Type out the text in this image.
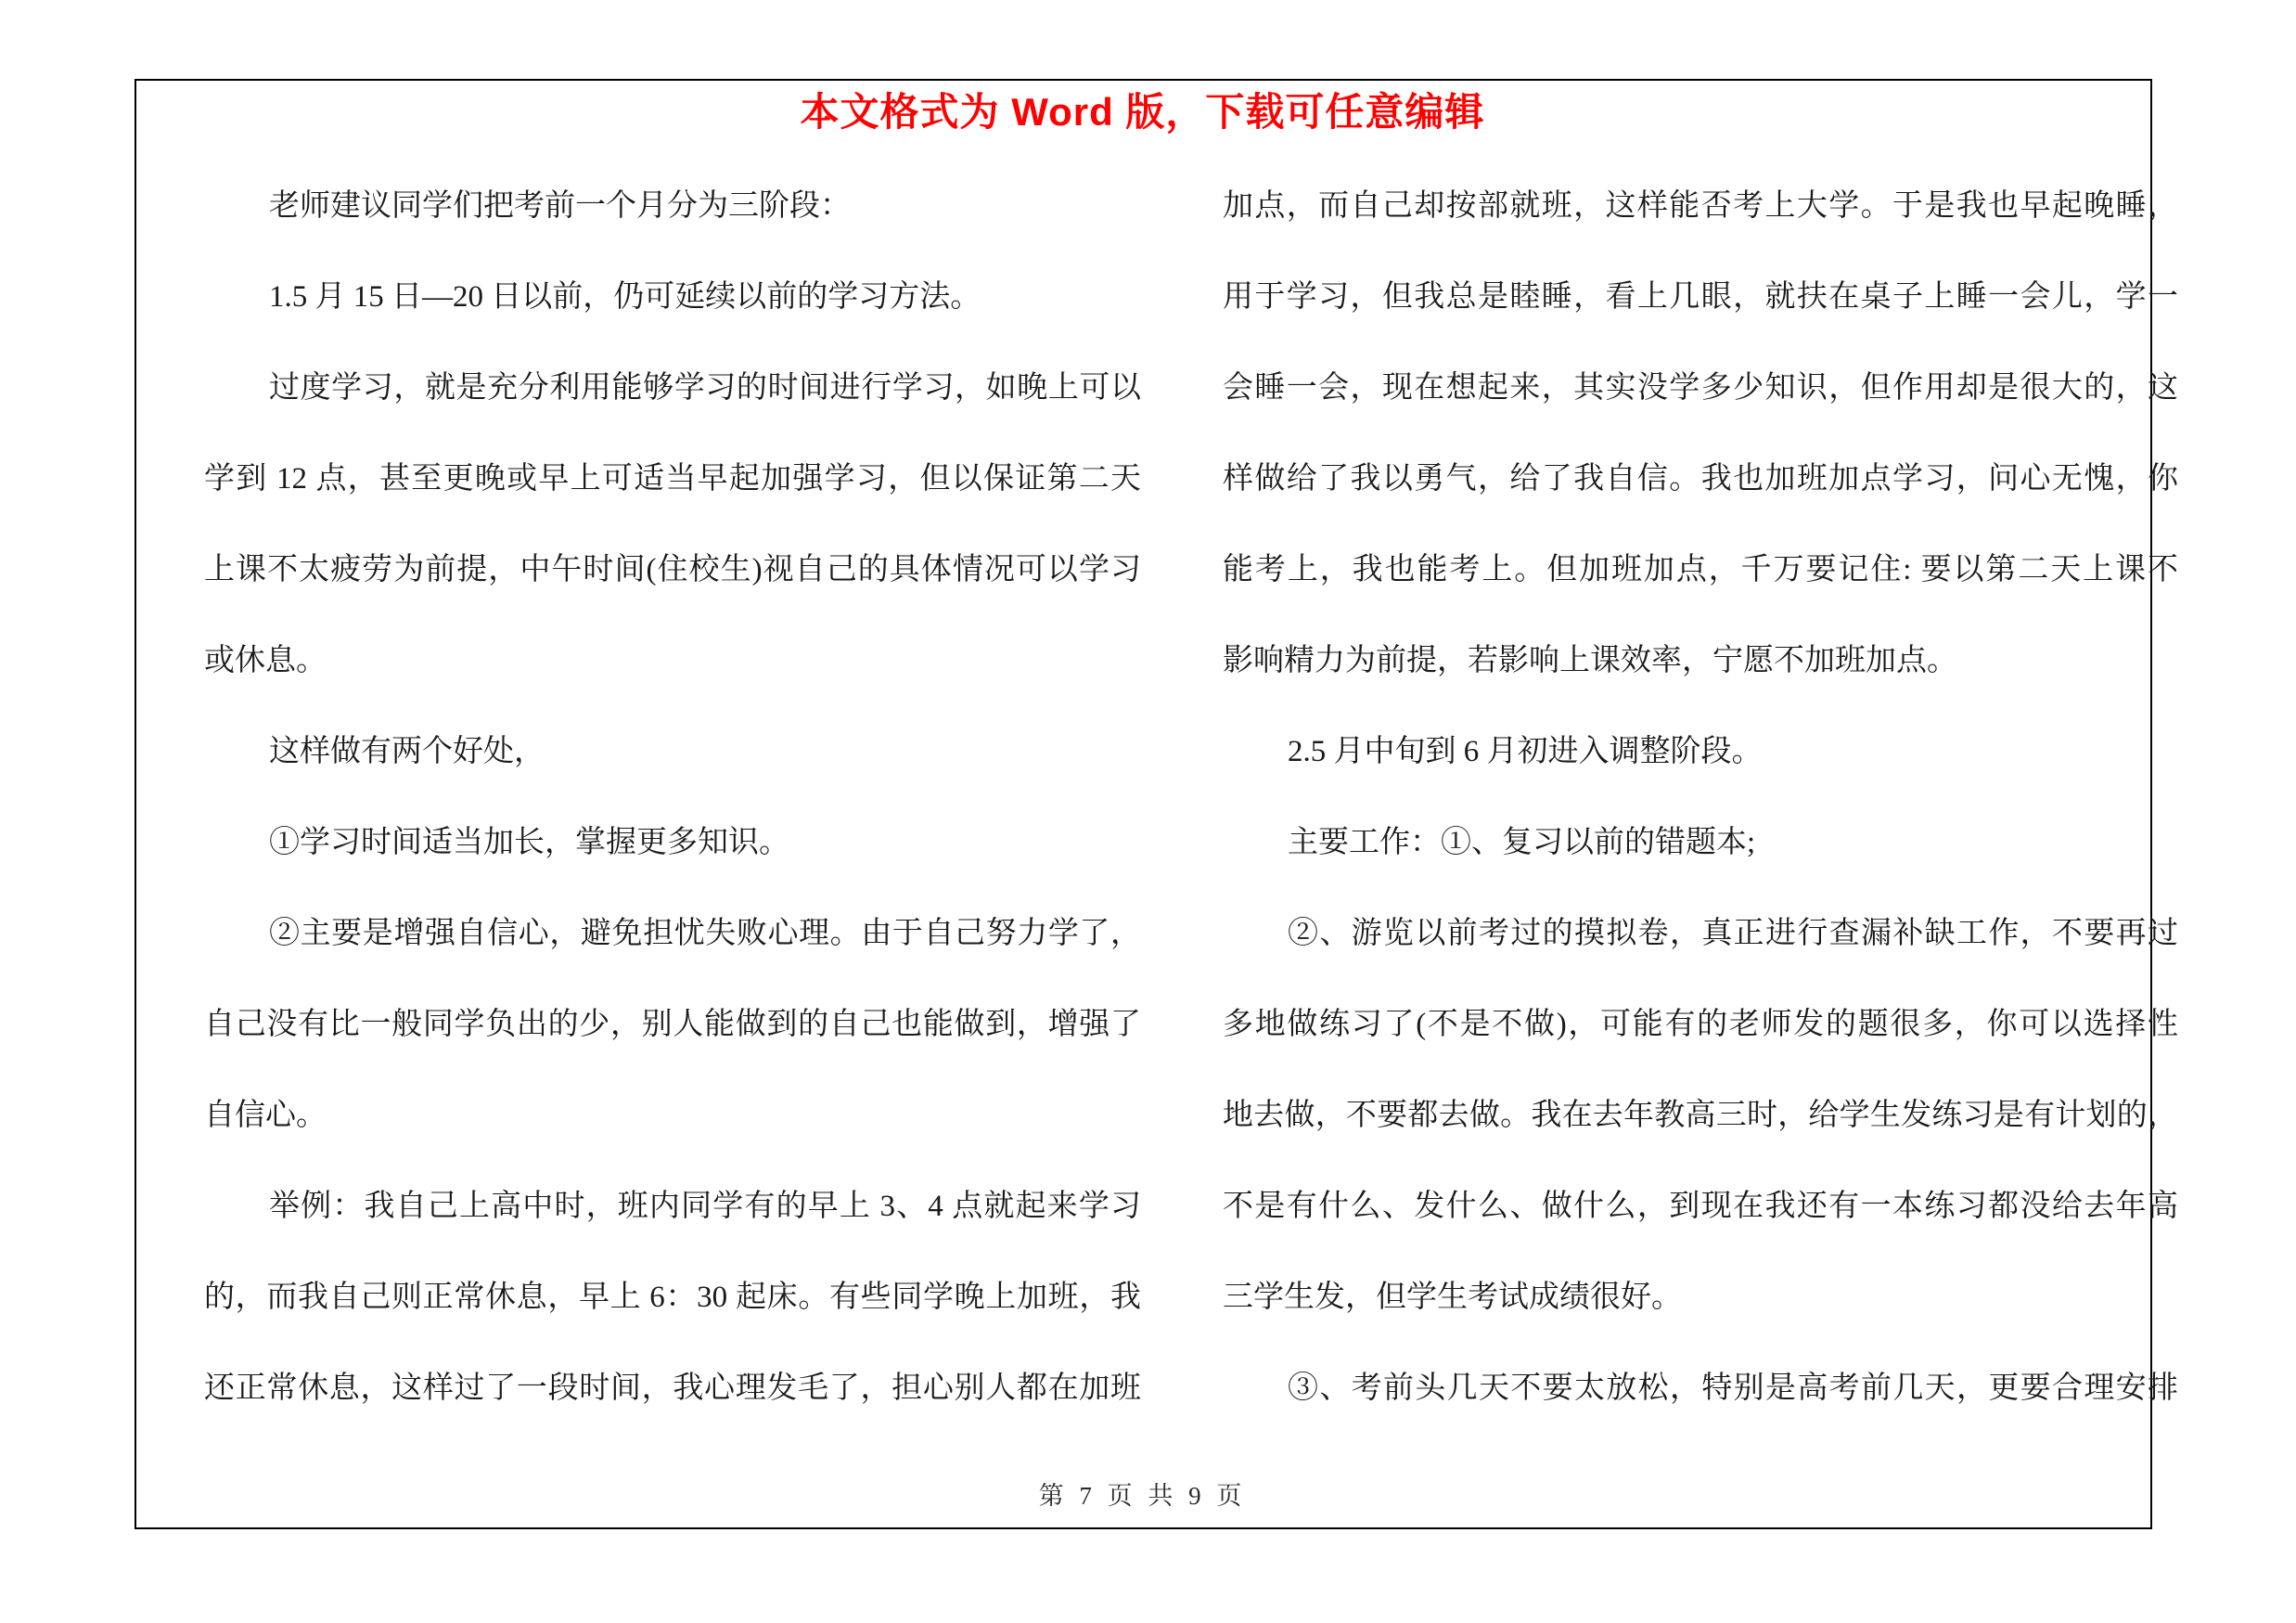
本文格式为 Word 版，下载可任意编辑
老师建议同学们把考前一个月分为三阶段：
1.5 月 15 日—20 日以前，仍可延续以前的学习方法。
过度学习，就是充分利用能够学习的时间进行学习，如晚上可以
学到 12 点，甚至更晚或早上可适当早起加强学习，但以保证第二天
上课不太疲劳为前提，中午时间(住校生)视自己的具体情况可以学习
或休息。
这样做有两个好处，
①学习时间适当加长，掌握更多知识。
②主要是增强自信心，避免担忧失败心理。由于自己努力学了，
自己没有比一般同学负出的少，别人能做到的自己也能做到，增强了
自信心。
举例：我自己上高中时，班内同学有的早上 3、4 点就起来学习
的，而我自己则正常休息，早上 6：30 起床。有些同学晚上加班，我
还正常休息，这样过了一段时间，我心理发毛了，担心别人都在加班
加点，而自己却按部就班，这样能否考上大学。于是我也早起晚睡，
用于学习，但我总是睦睡，看上几眼，就扶在桌子上睡一会儿，学一
会睡一会，现在想起来，其实没学多少知识，但作用却是很大的，这
样做给了我以勇气，给了我自信。我也加班加点学习，问心无愧，你
能考上，我也能考上。但加班加点，千万要记住: 要以第二天上课不
影响精力为前提，若影响上课效率，宁愿不加班加点。
2.5 月中旬到 6 月初进入调整阶段。
主要工作：①、复习以前的错题本;
②、游览以前考过的摸拟卷，真正进行查漏补缺工作，不要再过
多地做练习了(不是不做)，可能有的老师发的题很多，你可以选择性
地去做，不要都去做。我在去年教高三时，给学生发练习是有计划的，
不是有什么、发什么、做什么，到现在我还有一本练习都没给去年高
三学生发，但学生考试成绩很好。
③、考前头几天不要太放松，特别是高考前几天，更要合理安排
第 7 页 共 9 页
